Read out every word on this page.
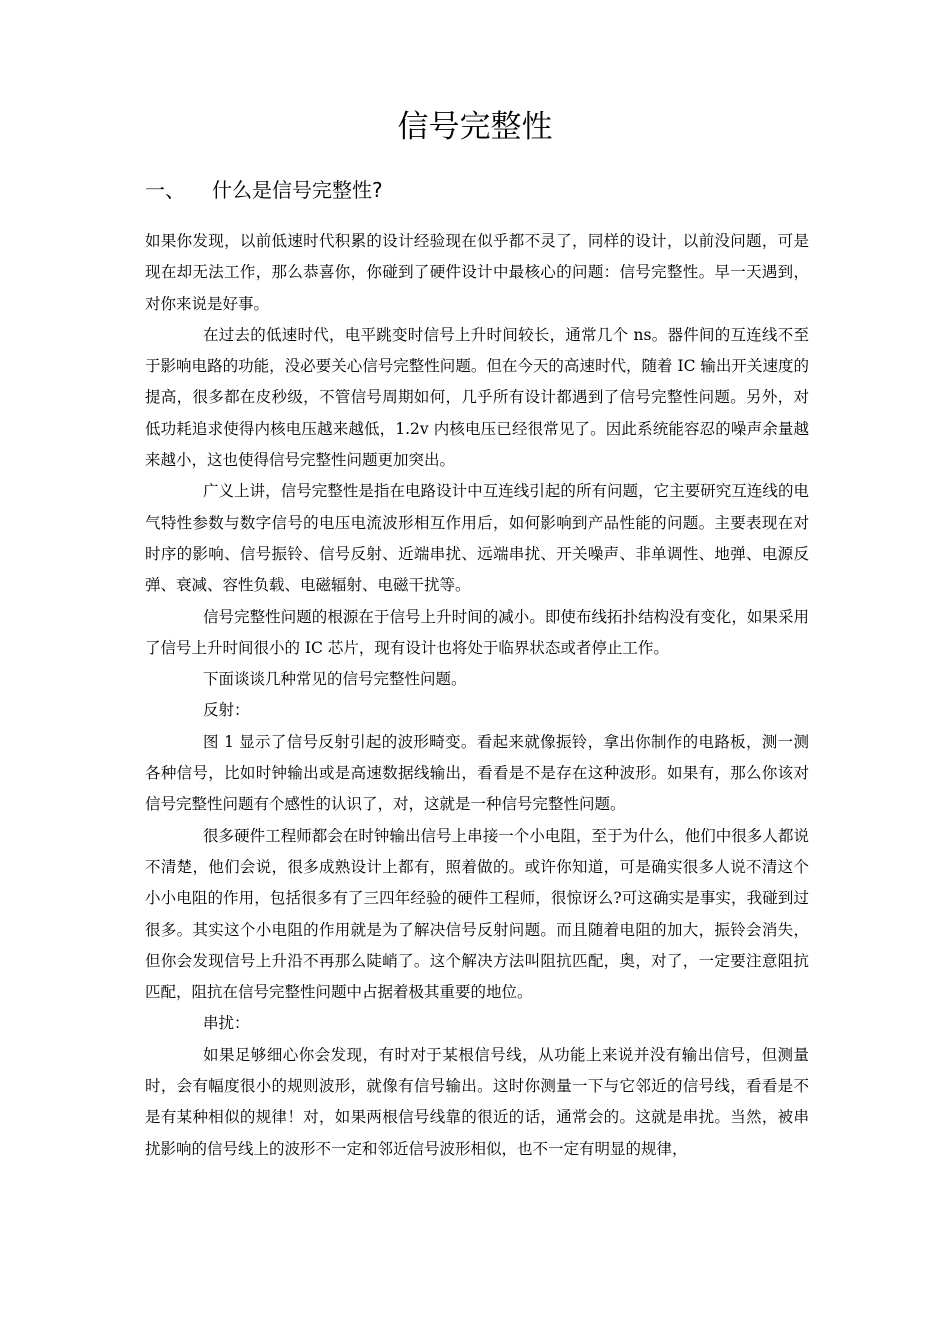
信号完整性
一、 什么是信号完整性?

如果你发现，以前低速时代积累的设计经验现在似乎都不灵了，同样的设计，以前没问题，可是现在却无法工作，那么恭喜你，你碰到了硬件设计中最核心的问题：信号完整性。早一天遇到，对你来说是好事。

在过去的低速时代，电平跳变时信号上升时间较长，通常几个 ns。器件间的互连线不至于影响电路的功能，没必要关心信号完整性问题。但在今天的高速时代，随着 IC 输出开关速度的提高，很多都在皮秒级，不管信号周期如何，几乎所有设计都遇到了信号完整性问题。另外，对低功耗追求使得内核电压越来越低，1.2v 内核电压已经很常见了。因此系统能容忍的噪声余量越来越小，这也使得信号完整性问题更加突出。

广义上讲，信号完整性是指在电路设计中互连线引起的所有问题，它主要研究互连线的电气特性参数与数字信号的电压电流波形相互作用后，如何影响到产品性能的问题。主要表现在对时序的影响、信号振铃、信号反射、近端串扰、远端串扰、开关噪声、非单调性、地弹、电源反弹、衰减、容性负载、电磁辐射、电磁干扰等。

信号完整性问题的根源在于信号上升时间的减小。即使布线拓扑结构没有变化，如果采用了信号上升时间很小的 IC 芯片，现有设计也将处于临界状态或者停止工作。

下面谈谈几种常见的信号完整性问题。

反射：

图 1 显示了信号反射引起的波形畸变。看起来就像振铃，拿出你制作的电路板，测一测各种信号，比如时钟输出或是高速数据线输出，看看是不是存在这种波形。如果有，那么你该对信号完整性问题有个感性的认识了，对，这就是一种信号完整性问题。

很多硬件工程师都会在时钟输出信号上串接一个小电阻，至于为什么，他们中很多人都说不清楚，他们会说，很多成熟设计上都有，照着做的。或许你知道，可是确实很多人说不清这个小小电阻的作用，包括很多有了三四年经验的硬件工程师，很惊讶么?可这确实是事实，我碰到过很多。其实这个小电阻的作用就是为了解决信号反射问题。而且随着电阻的加大，振铃会消失，但你会发现信号上升沿不再那么陡峭了。这个解决方法叫阻抗匹配，奥，对了，一定要注意阻抗匹配，阻抗在信号完整性问题中占据着极其重要的地位。

串扰：

如果足够细心你会发现，有时对于某根信号线，从功能上来说并没有输出信号，但测量时，会有幅度很小的规则波形，就像有信号输出。这时你测量一下与它邻近的信号线，看看是不是有某种相似的规律！对，如果两根信号线靠的很近的话，通常会的。这就是串扰。当然，被串扰影响的信号线上的波形不一定和邻近信号波形相似，也不一定有明显的规律，
